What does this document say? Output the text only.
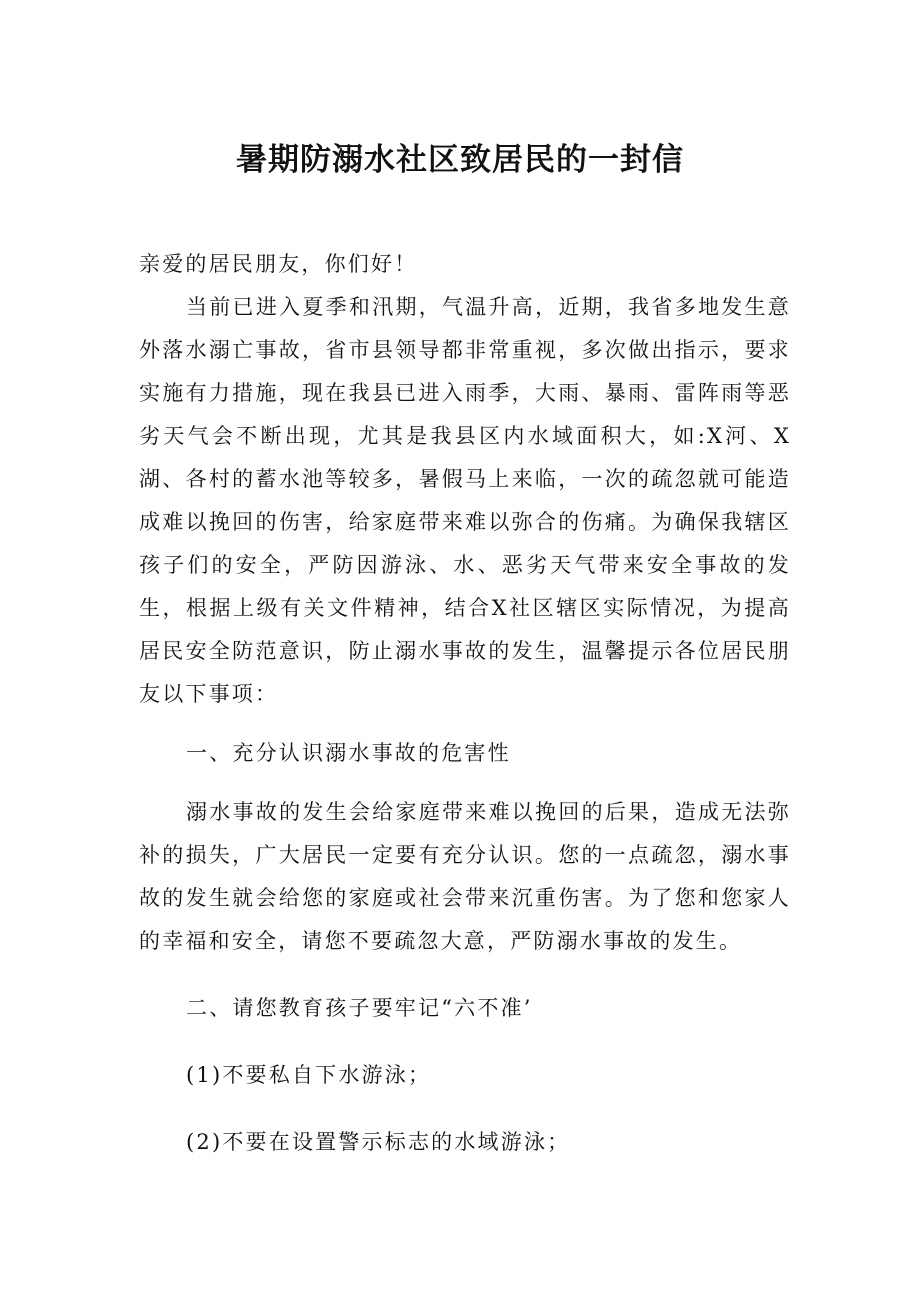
暑期防溺水社区致居民的一封信

亲爱的居民朋友，你们好！

当前已进入夏季和汛期，气温升高，近期，我省多地发生意外落水溺亡事故，省市县领导都非常重视，多次做出指示，要求实施有力措施，现在我县已进入雨季，大雨、暴雨、雷阵雨等恶劣天气会不断出现，尤其是我县区内水域面积大，如:X河、X湖、各村的蓄水池等较多，暑假马上来临，一次的疏忽就可能造成难以挽回的伤害，给家庭带来难以弥合的伤痛。为确保我辖区孩子们的安全，严防因游泳、水、恶劣天气带来安全事故的发生，根据上级有关文件精神，结合X社区辖区实际情况，为提高居民安全防范意识，防止溺水事故的发生，温馨提示各位居民朋友以下事项：

一、充分认识溺水事故的危害性

溺水事故的发生会给家庭带来难以挽回的后果，造成无法弥补的损失，广大居民一定要有充分认识。您的一点疏忽，溺水事故的发生就会给您的家庭或社会带来沉重伤害。为了您和您家人的幸福和安全，请您不要疏忽大意，严防溺水事故的发生。

二、请您教育孩子要牢记“六不准’

(1)不要私自下水游泳；

(2)不要在设置警示标志的水域游泳；
